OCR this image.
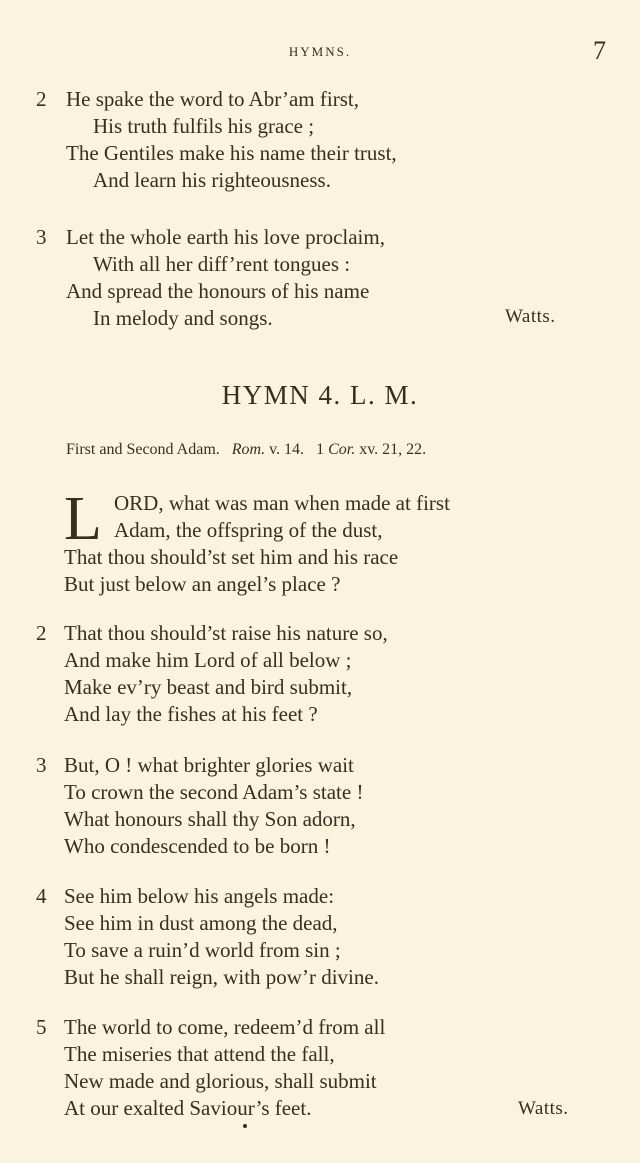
HYMNS.	7
2 He spake the word to Abr’am first,
His truth fulfils his grace ;
The Gentiles make his name their trust,
And learn his righteousness.
3 Let the whole earth his love proclaim,
With all her diff’rent tongues :
And spread the honours of his name
In melody and songs.	Watts.
HYMN 4. L. M.
First and Second Adam. Rom. v. 14. 1 Cor. xv. 21, 22.
L ORD, what was man when made at first
Adam, the offspring of the dust,
That thou should’st set him and his race
But just below an angel’s place ?
2 That thou should’st raise his nature so,
And make him Lord of all below ;
Make ev’ry beast and bird submit,
And lay the fishes at his feet ?
3 But, O ! what brighter glories wait
To crown the second Adam’s state !
What honours shall thy Son adorn,
Who condescended to be born !
4 See him below his angels made:
See him in dust among the dead,
To save a ruin’d world from sin ;
But he shall reign, with pow’r divine.
5 The world to come, redeem’d from all
The miseries that attend the fall,
New made and glorious, shall submit
At our exalted Saviour’s feet.	Watts.
